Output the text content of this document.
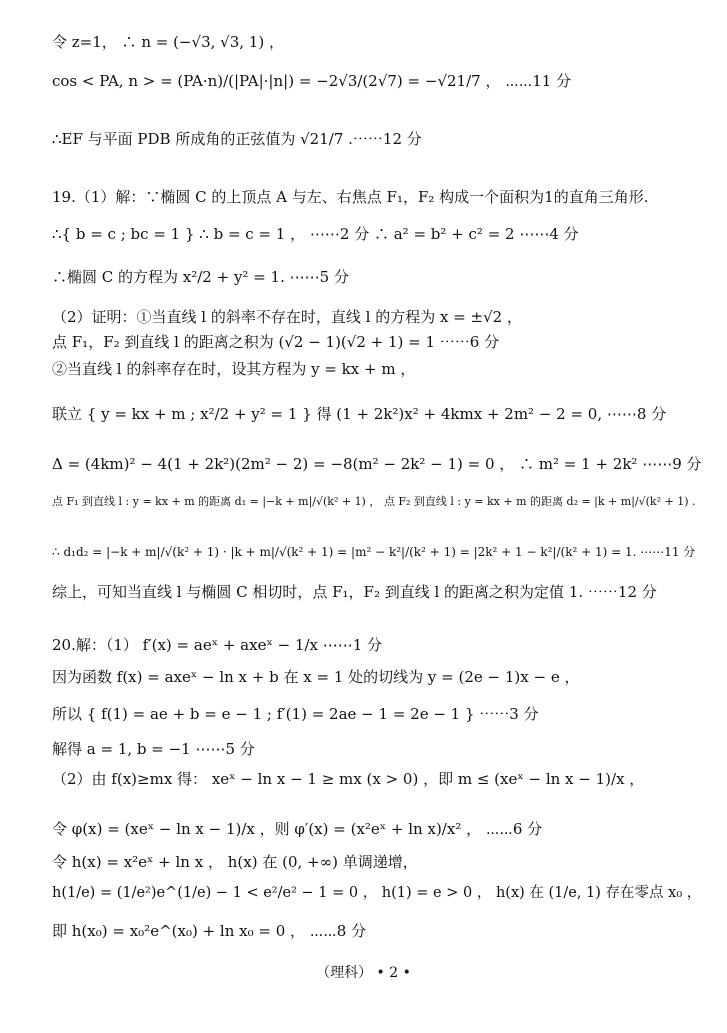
令 z=1， ∴ n = (−√3, √3, 1) ，
cos < PA, n > = (PA·n)/(|PA|·|n|) = −2√3/(2√7) = −√21/7 ， ⋯⋯11 分
∴EF 与平面 PDB 所成角的正弦值为 √21/7 .⋯⋯12 分
19.（1）解：∵椭圆 C 的上顶点 A 与左、右焦点 F₁，F₂ 构成一个面积为1的直角三角形.
∴{ b = c ; bc = 1 } ∴ b = c = 1 ， ⋯⋯2 分 ∴ a² = b² + c² = 2 ⋯⋯4 分
∴椭圆 C 的方程为 x²/2 + y² = 1. ⋯⋯5 分
（2）证明：①当直线 l 的斜率不存在时，直线 l 的方程为 x = ±√2 ，
点 F₁，F₂ 到直线 l 的距离之积为 (√2 − 1)(√2 + 1) = 1 ⋯⋯6 分
②当直线 l 的斜率存在时，设其方程为 y = kx + m ，
联立 { y = kx + m ; x²/2 + y² = 1 } 得 (1 + 2k²)x² + 4kmx + 2m² − 2 = 0, ⋯⋯8 分
Δ = (4km)² − 4(1 + 2k²)(2m² − 2) = −8(m² − 2k² − 1) = 0 ， ∴ m² = 1 + 2k² ⋯⋯9 分
点 F₁ 到直线 l : y = kx + m 的距离 d₁ = |−k + m|/√(k² + 1) ， 点 F₂ 到直线 l : y = kx + m 的距离 d₂ = |k + m|/√(k² + 1) .
∴ d₁d₂ = |−k + m|/√(k² + 1) · |k + m|/√(k² + 1) = |m² − k²|/(k² + 1) = |2k² + 1 − k²|/(k² + 1) = 1. ⋯⋯11 分
综上，可知当直线 l 与椭圆 C 相切时，点 F₁，F₂ 到直线 l 的距离之积为定值 1. ⋯⋯12 分
20.解：（1） f′(x) = aeˣ + axeˣ − 1/x ⋯⋯1 分
因为函数 f(x) = axeˣ − ln x + b 在 x = 1 处的切线为 y = (2e − 1)x − e ，
所以 { f(1) = ae + b = e − 1 ; f′(1) = 2ae − 1 = 2e − 1 } ⋯⋯3 分
解得 a = 1, b = −1 ⋯⋯5 分
（2）由 f(x)≥mx 得： xeˣ − ln x − 1 ≥ mx (x > 0) ，即 m ≤ (xeˣ − ln x − 1)/x ，
令 φ(x) = (xeˣ − ln x − 1)/x ，则 φ′(x) = (x²eˣ + ln x)/x² ， ⋯⋯6 分
令 h(x) = x²eˣ + ln x ， h(x) 在 (0, +∞) 单调递增，
h(1/e) = (1/e²)e^(1/e) − 1 < e²/e² − 1 = 0 ， h(1) = e > 0 ， h(x) 在 (1/e, 1) 存在零点 x₀ ，
即 h(x₀) = x₀²e^(x₀) + ln x₀ = 0 ， ⋯⋯8 分
（理科） • 2 •
